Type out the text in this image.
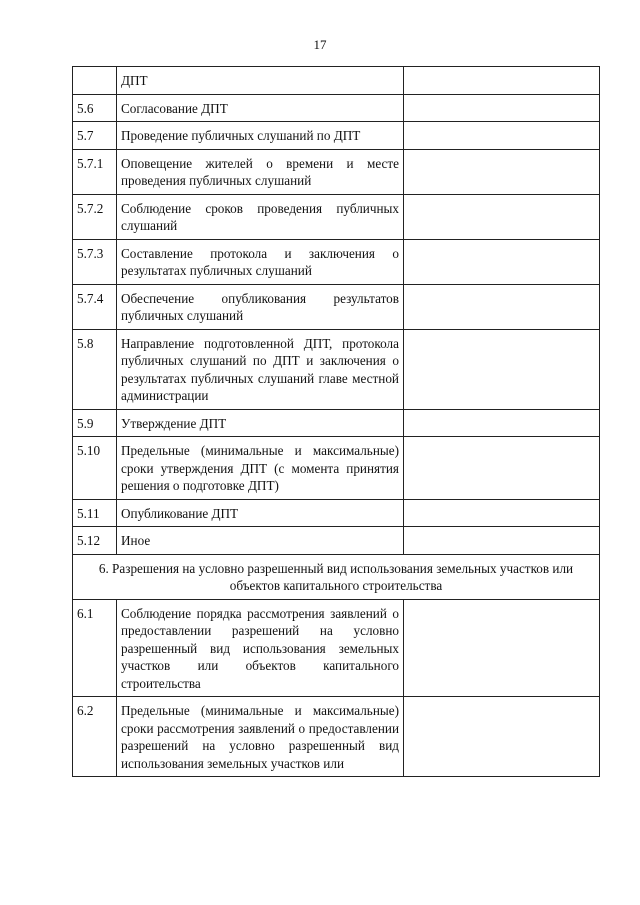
17
	ДПТ	
5.6	Согласование ДПТ	
5.7	Проведение публичных слушаний по ДПТ	
5.7.1	Оповещение жителей о времени и месте проведения публичных слушаний	
5.7.2	Соблюдение сроков проведения публичных слушаний	
5.7.3	Составление протокола и заключения о результатах публичных слушаний	
5.7.4	Обеспечение опубликования результатов публичных слушаний	
5.8	Направление подготовленной ДПТ, протокола публичных слушаний по ДПТ и заключения о результатах публичных слушаний главе местной администрации	
5.9	Утверждение ДПТ	
5.10	Предельные (минимальные и максимальные) сроки утверждения ДПТ (с момента принятия решения о подготовке ДПТ)	
5.11	Опубликование ДПТ	
5.12	Иное	
6. Разрешения на условно разрешенный вид использования земельных участков или объектов капитального строительства		
6.1	Соблюдение порядка рассмотрения заявлений о предоставлении разрешений на условно разрешенный вид использования земельных участков или объектов капитального строительства	
6.2	Предельные (минимальные и максимальные) сроки рассмотрения заявлений о предоставлении разрешений на условно разрешенный вид использования земельных участков или	
